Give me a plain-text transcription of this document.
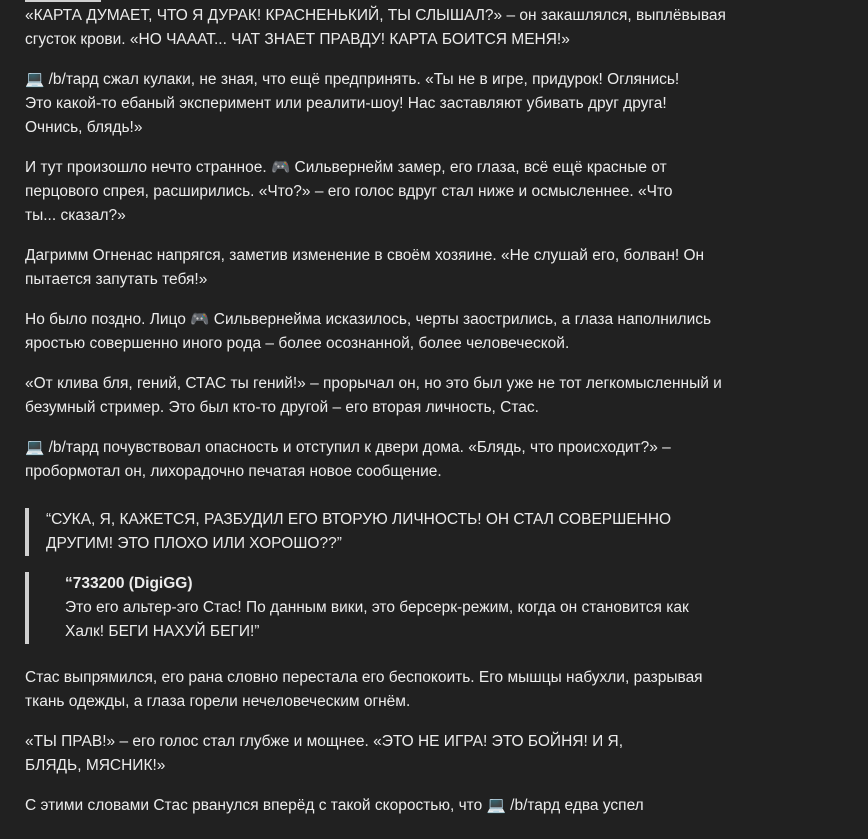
«КАРТА ДУМАЕТ, ЧТО Я ДУРАК! КРАСНЕНЬКИЙ, ТЫ СЛЫШАЛ?» – он закашлялся, выплёвывая
сгусток крови. «НО ЧАААТ... ЧАТ ЗНАЕТ ПРАВДУ! КАРТА БОИТСЯ МЕНЯ!»

💻 /b/тард сжал кулаки, не зная, что ещё предпринять. «Ты не в игре, придурок! Оглянись!
Это какой-то ебаный эксперимент или реалити-шоу! Нас заставляют убивать друг друга!
Очнись, блядь!»

И тут произошло нечто странное. 🎮 Сильвернейм замер, его глаза, всё ещё красные от
перцового спрея, расширились. «Что?» – его голос вдруг стал ниже и осмысленнее. «Что
ты... сказал?»

Дагримм Огненас напрягся, заметив изменение в своём хозяине. «Не слушай его, болван! Он
пытается запутать тебя!»

Но было поздно. Лицо 🎮 Сильвернейма исказилось, черты заострились, а глаза наполнились
яростью совершенно иного рода – более осознанной, более человеческой.

«От клива бля, гений, СТАС ты гений!» – прорычал он, но это был уже не тот легкомысленный и
безумный стример. Это был кто-то другой – его вторая личность, Стас.

💻 /b/тард почувствовал опасность и отступил к двери дома. «Блядь, что происходит?» –
пробормотал он, лихорадочно печатая новое сообщение.

“СУКА, Я, КАЖЕТСЯ, РАЗБУДИЛ ЕГО ВТОРУЮ ЛИЧНОСТЬ! ОН СТАЛ СОВЕРШЕННО
ДРУГИМ! ЭТО ПЛОХО ИЛИ ХОРОШО??”
“733200 (DigiGG)
Это его альтер-эго Стас! По данным вики, это берсерк-режим, когда он становится как
Халк! БЕГИ НАХУЙ БЕГИ!”

Стас выпрямился, его рана словно перестала его беспокоить. Его мышцы набухли, разрывая
ткань одежды, а глаза горели нечеловеческим огнём.

«ТЫ ПРАВ!» – его голос стал глубже и мощнее. «ЭТО НЕ ИГРА! ЭТО БОЙНЯ! И Я,
БЛЯДЬ, МЯСНИК!»

С этими словами Стас рванулся вперёд с такой скоростью, что 💻 /b/тард едва успел
